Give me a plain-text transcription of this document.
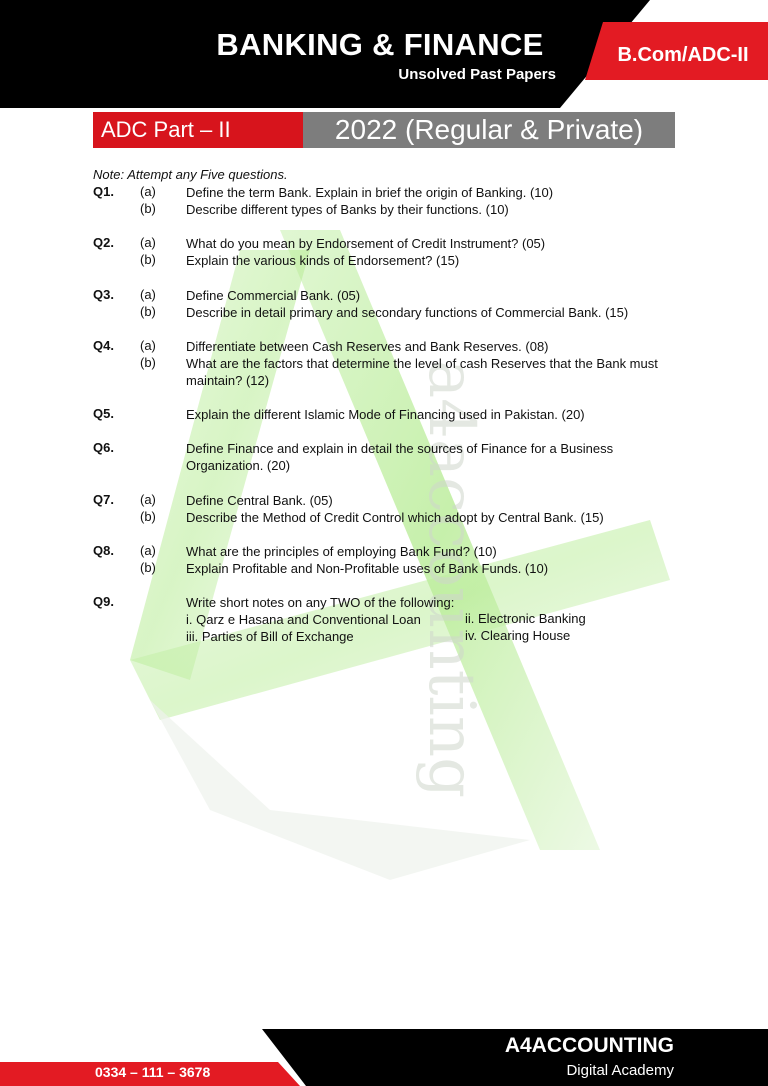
BANKING & FINANCE
Unsolved Past Papers
B.Com/ADC-II
ADC Part – II	2022 (Regular & Private)
a4accounting
Note: Attempt any Five questions.
Q1. (a) Define the term Bank. Explain in brief the origin of Banking. (10)
(b) Describe different types of Banks by their functions. (10)
Q2. (a) What do you mean by Endorsement of Credit Instrument? (05)
(b) Explain the various kinds of Endorsement? (15)
Q3. (a) Define Commercial Bank. (05)
(b) Describe in detail primary and secondary functions of Commercial Bank. (15)
Q4. (a) Differentiate between Cash Reserves and Bank Reserves. (08)
(b) What are the factors that determine the level of cash Reserves that the Bank must maintain? (12)
Q5.	Explain the different Islamic Mode of Financing used in Pakistan. (20)
Q6.	Define Finance and explain in detail the sources of Finance for a Business Organization. (20)
Q7. (a) Define Central Bank. (05)
(b) Describe the Method of Credit Control which adopt by Central Bank. (15)
Q8. (a) What are the principles of employing Bank Fund? (10)
(b) Explain Profitable and Non-Profitable uses of Bank Funds. (10)
Q9.	Write short notes on any TWO of the following:
i. Qarz e Hasana and Conventional Loan	ii. Electronic Banking
iii. Parties of Bill of Exchange	iv. Clearing House
0334 – 111 – 3678
A4ACCOUNTING
Digital Academy
